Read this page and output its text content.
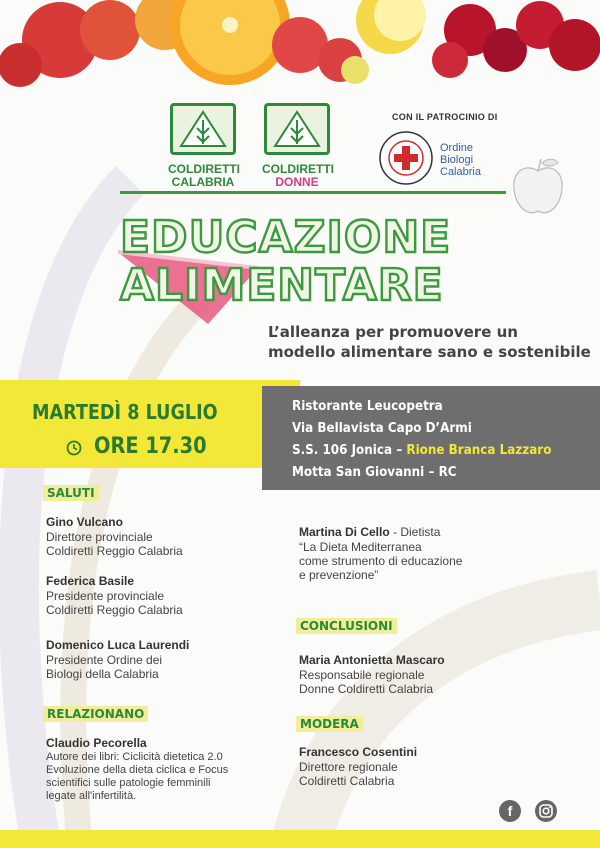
COLDIRETTI
CALABRIA
COLDIRETTI
DONNE
CON IL PATROCINIO DI
Ordine
Biologi
Calabria
EDUCAZIONE
ALIMENTARE
L’alleanza per promuovere un
modello alimentare sano e sostenibile
MARTEDÌ 8 LUGLIO
ORE 17.30
Ristorante Leucopetra
Via Bellavista Capo D’Armi
S.S. 106 Jonica – Rione Branca Lazzaro
Motta San Giovanni – RC
SALUTI
Gino Vulcano
Direttore provinciale
Coldiretti Reggio Calabria
Federica Basile
Presidente provinciale
Coldiretti Reggio Calabria
Domenico Luca Laurendi
Presidente Ordine dei
Biologi della Calabria
RELAZIONANO
Claudio Pecorella
Autore dei libri: Ciclicità dietetica 2.0
Evoluzione della dieta ciclica e Focus
scientifici sulle patologie femminili
legate all'infertilità.
Martina Di Cello - Dietista
“La Dieta Mediterranea
come strumento di educazione
e prevenzione”
CONCLUSIONI
Maria Antonietta Mascaro
Responsabile regionale
Donne Coldiretti Calabria
MODERA
Francesco Cosentini
Direttore regionale
Coldiretti Calabria
f
